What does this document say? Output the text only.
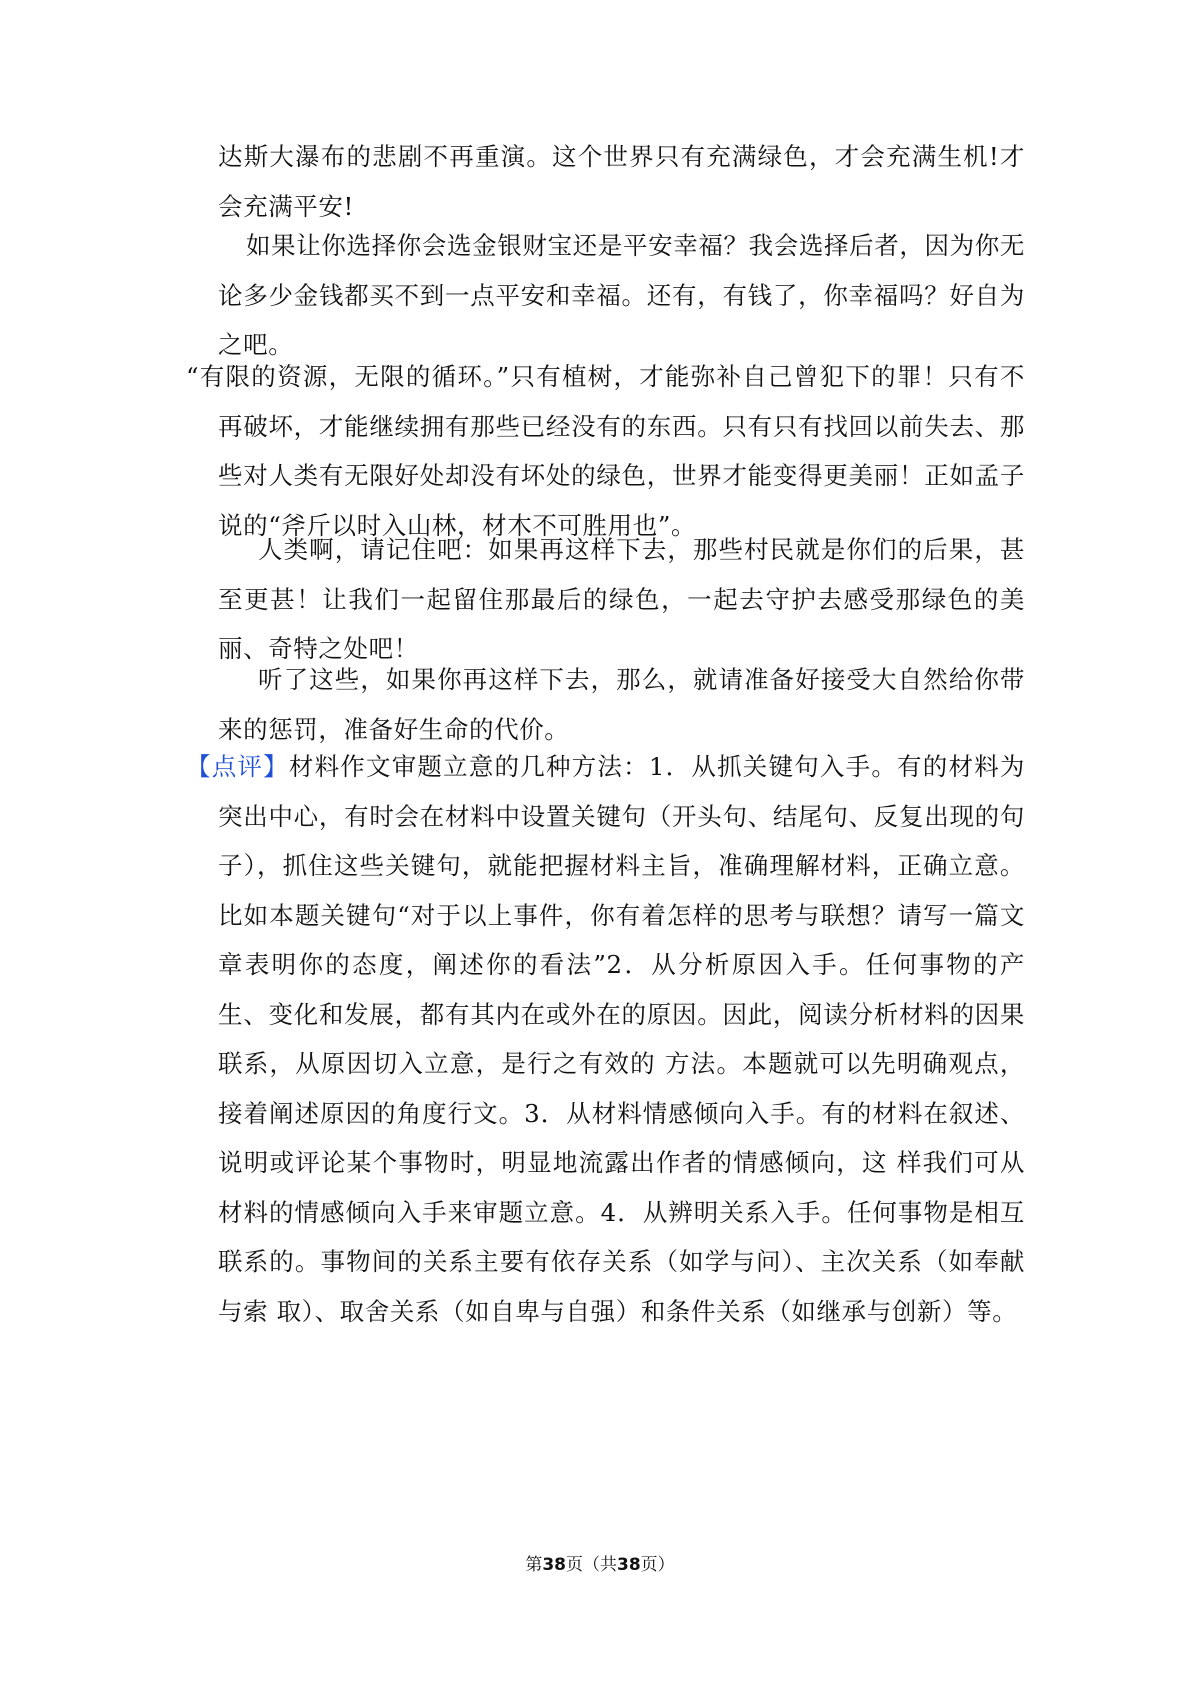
达斯大瀑布的悲剧不再重演。这个世界只有充满绿色，才会充满生机!才会充满平安!

如果让你选择你会选金银财宝还是平安幸福？我会选择后者，因为你无论多少金钱都买不到一点平安和幸福。还有，有钱了，你幸福吗？好自为之吧。

“有限的资源，无限的循环。”只有植树，才能弥补自己曾犯下的罪！只有不再破坏，才能继续拥有那些已经没有的东西。只有只有找回以前失去、那些对人类有无限好处却没有坏处的绿色，世界才能变得更美丽！正如孟子说的“斧斤以时入山林，材木不可胜用也”。

人类啊，请记住吧：如果再这样下去，那些村民就是你们的后果，甚至更甚！让我们一起留住那最后的绿色，一起去守护去感受那绿色的美丽、奇特之处吧！

听了这些，如果你再这样下去，那么，就请准备好接受大自然给你带来的惩罚，准备好生命的代价。

【点评】材料作文审题立意的几种方法：1．从抓关键句入手。有的材料为突出中心，有时会在材料中设置关键句（开头句、结尾句、反复出现的句子），抓住这些关键句，就能把握材料主旨，准确理解材料，正确立意。比如本题关键句“对于以上事件，你有着怎样的思考与联想？请写一篇文章表明你的态度，阐述你的看法”2．从分析原因入手。任何事物的产生、变化和发展，都有其内在或外在的原因。因此，阅读分析材料的因果联系，从原因切入立意，是行之有效的 方法。本题就可以先明确观点，接着阐述原因的角度行文。3．从材料情感倾向入手。有的材料在叙述、说明或评论某个事物时，明显地流露出作者的情感倾向，这 样我们可从材料的情感倾向入手来审题立意。4．从辨明关系入手。任何事物是相互联系的。事物间的关系主要有依存关系（如学与问）、主次关系（如奉献与索 取）、取舍关系（如自卑与自强）和条件关系（如继承与创新）等。

第38页（共38页）
